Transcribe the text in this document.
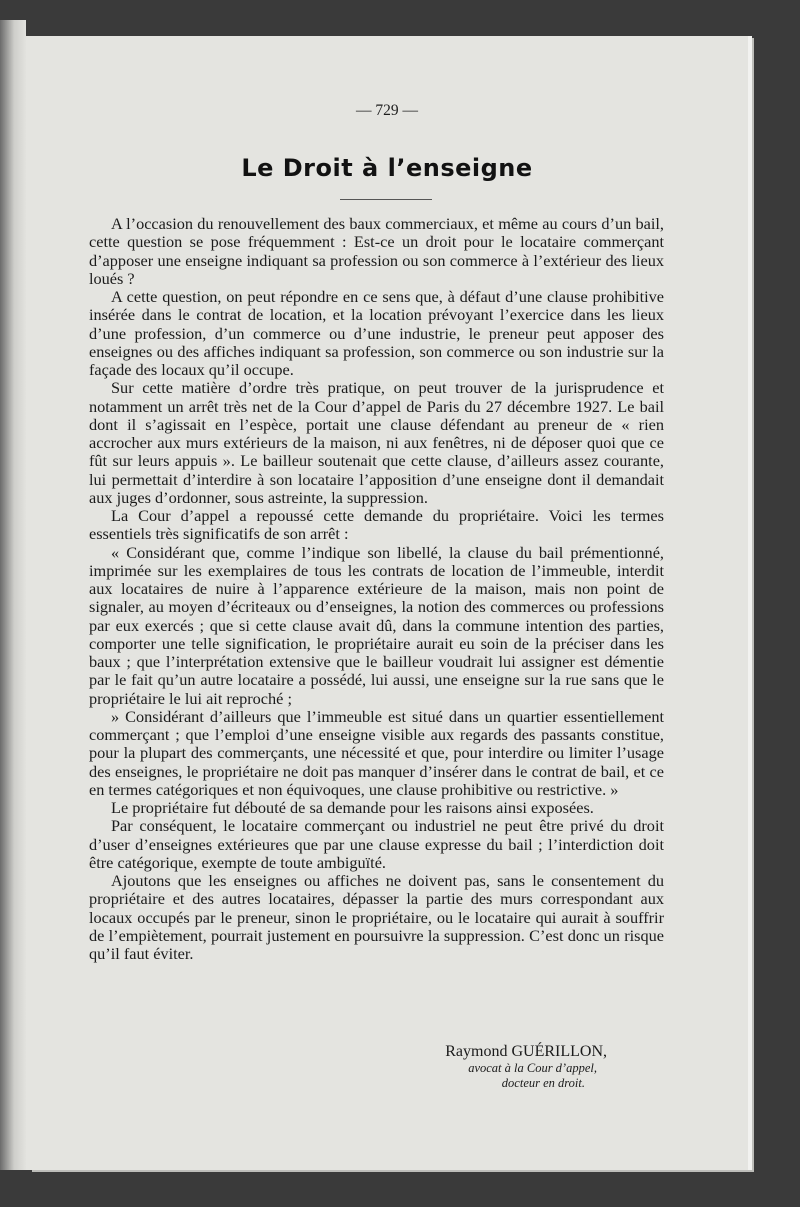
— 729 —
Le Droit à l’enseigne

A l’occasion du renouvellement des baux commerciaux, et même au cours d’un bail, cette question se pose fréquemment : Est-ce un droit pour le locataire commerçant d’apposer une enseigne indiquant sa profession ou son commerce à l’extérieur des lieux loués ?

A cette question, on peut répondre en ce sens que, à défaut d’une clause prohibitive insérée dans le contrat de location, et la location prévoyant l’exercice dans les lieux d’une profession, d’un commerce ou d’une industrie, le preneur peut apposer des enseignes ou des affiches indiquant sa profession, son commerce ou son industrie sur la façade des locaux qu’il occupe.

Sur cette matière d’ordre très pratique, on peut trouver de la jurisprudence et notamment un arrêt très net de la Cour d’appel de Paris du 27 décembre 1927. Le bail dont il s’agissait en l’espèce, portait une clause défendant au preneur de « rien accrocher aux murs extérieurs de la maison, ni aux fenêtres, ni de déposer quoi que ce fût sur leurs appuis ». Le bailleur soutenait que cette clause, d’ailleurs assez courante, lui permettait d’interdire à son locataire l’apposition d’une enseigne dont il demandait aux juges d’ordonner, sous astreinte, la suppression.

La Cour d’appel a repoussé cette demande du propriétaire. Voici les termes essentiels très significatifs de son arrêt :

« Considérant que, comme l’indique son libellé, la clause du bail prémentionné, imprimée sur les exemplaires de tous les contrats de location de l’immeuble, interdit aux locataires de nuire à l’apparence extérieure de la maison, mais non point de signaler, au moyen d’écriteaux ou d’enseignes, la notion des commerces ou professions par eux exercés ; que si cette clause avait dû, dans la commune intention des parties, comporter une telle signification, le propriétaire aurait eu soin de la préciser dans les baux ; que l’interprétation extensive que le bailleur voudrait lui assigner est démentie par le fait qu’un autre locataire a possédé, lui aussi, une enseigne sur la rue sans que le propriétaire le lui ait reproché ;

» Considérant d’ailleurs que l’immeuble est situé dans un quartier essentiellement commerçant ; que l’emploi d’une enseigne visible aux regards des passants constitue, pour la plupart des commerçants, une nécessité et que, pour interdire ou limiter l’usage des enseignes, le propriétaire ne doit pas manquer d’insérer dans le contrat de bail, et ce en termes catégoriques et non équivoques, une clause prohibitive ou restrictive. »

Le propriétaire fut débouté de sa demande pour les raisons ainsi exposées.

Par conséquent, le locataire commerçant ou industriel ne peut être privé du droit d’user d’enseignes extérieures que par une clause expresse du bail ; l’interdiction doit être catégorique, exempte de toute ambiguïté.

Ajoutons que les enseignes ou affiches ne doivent pas, sans le consentement du propriétaire et des autres locataires, dépasser la partie des murs correspondant aux locaux occupés par le preneur, sinon le propriétaire, ou le locataire qui aurait à souffrir de l’empiètement, pourrait justement en poursuivre la suppression. C’est donc un risque qu’il faut éviter.

Raymond GUÉRILLON,
avocat à la Cour d’appel,
docteur en droit.
